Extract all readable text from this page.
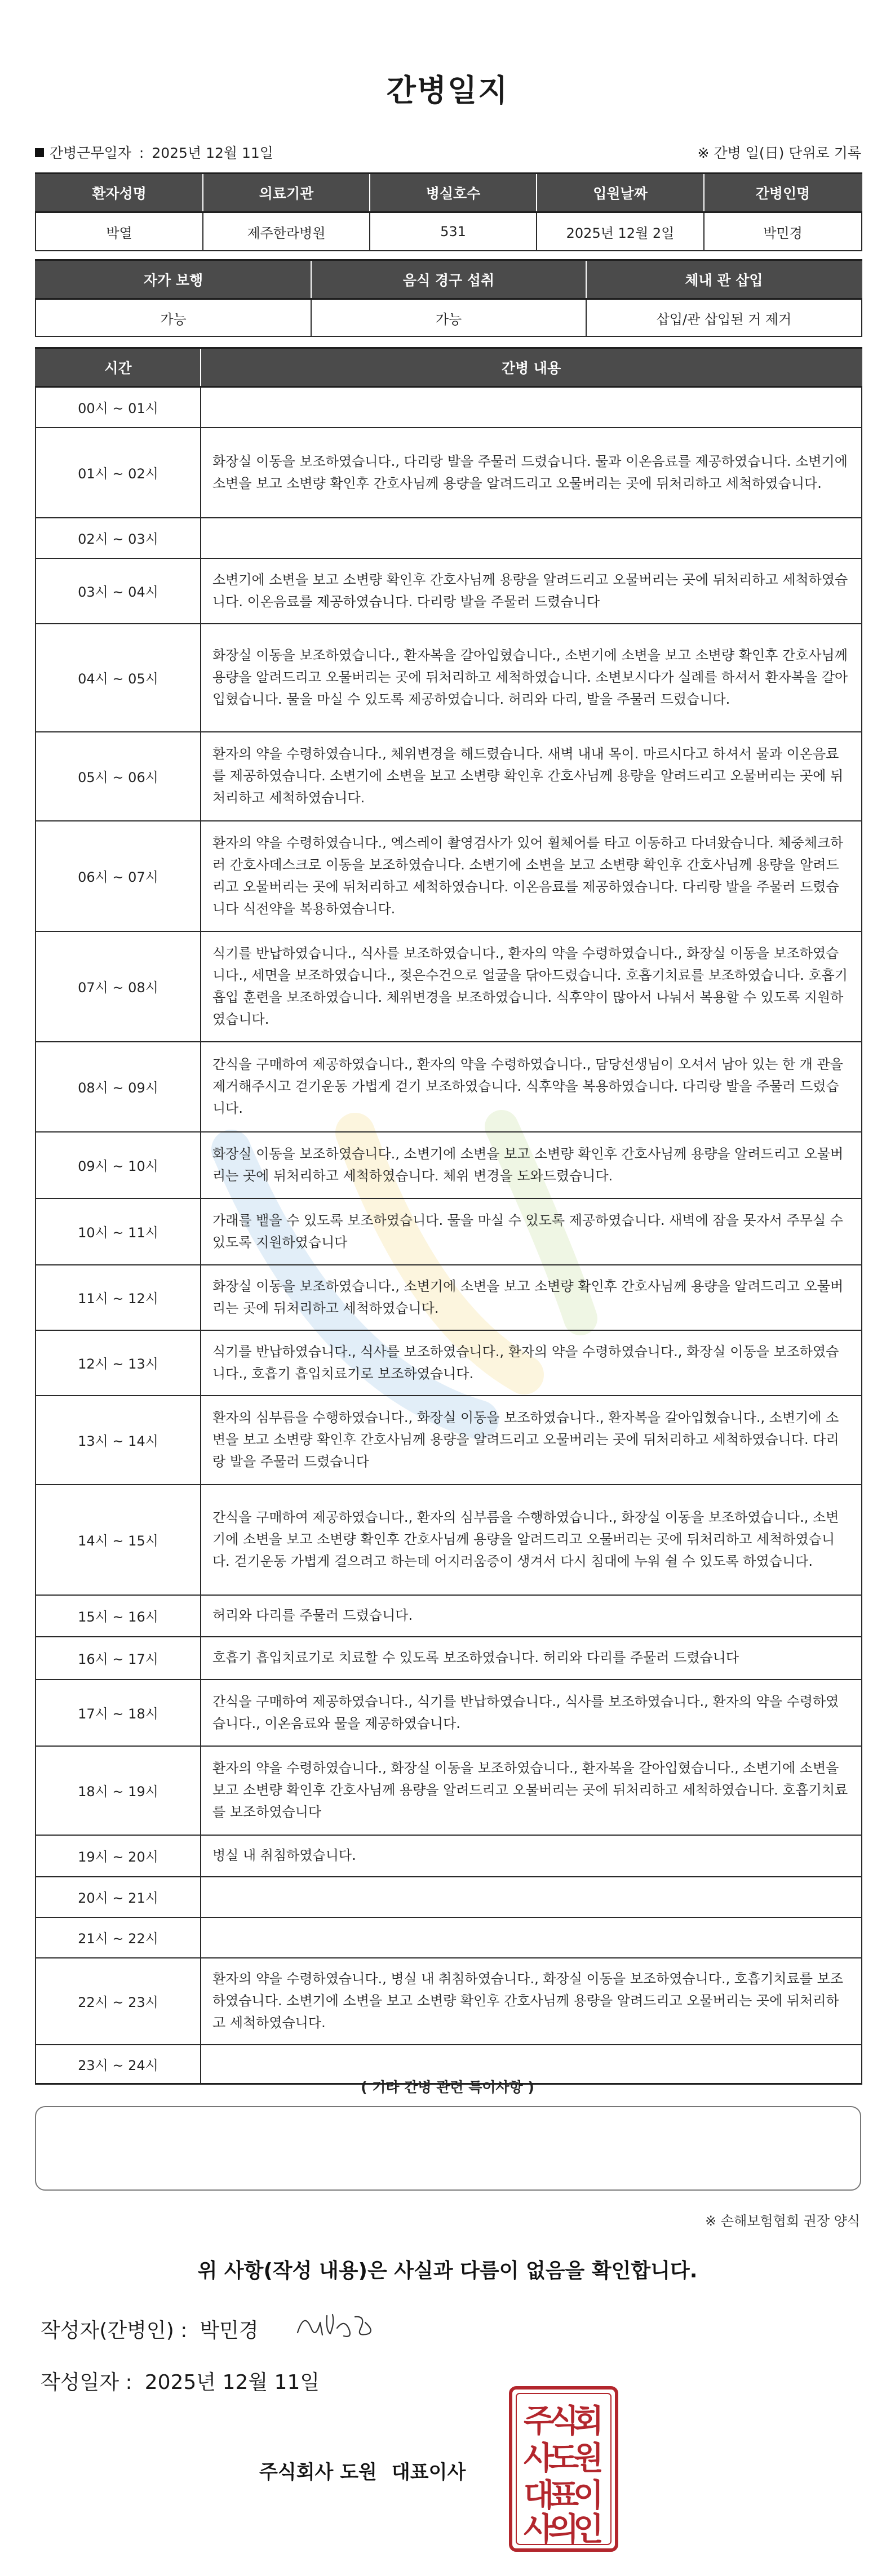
간병일지
간병근무일자 : 2025년 12월 11일	※ 간병 일(日) 단위로 기록
환자성명	의료기관	병실호수	입원날짜	간병인명
박열	제주한라병원	531	2025년 12월 2일	박민경
자가 보행	음식 경구 섭취	체내 관 삽입
가능	가능	삽입/관 삽입된 거 제거
시간	간병 내용
00시 ~ 01시	
01시 ~ 02시	화장실 이동을 보조하였습니다., 다리랑 발을 주물러 드렸습니다. 물과 이온음료를 제공하였습니다. 소변기에 소변을 보고 소변량 확인후 간호사님께 용량을 알려드리고 오물버리는 곳에 뒤처리하고 세척하였습니다.
02시 ~ 03시	
03시 ~ 04시	소변기에 소변을 보고 소변량 확인후 간호사님께 용량을 알려드리고 오물버리는 곳에 뒤처리하고 세척하였습니다. 이온음료를 제공하였습니다. 다리랑 발을 주물러 드렸습니다
04시 ~ 05시	화장실 이동을 보조하였습니다., 환자복을 갈아입혔습니다., 소변기에 소변을 보고 소변량 확인후 간호사님께 용량을 알려드리고 오물버리는 곳에 뒤처리하고 세척하였습니다. 소변보시다가 실례를 하셔서 환자복을 갈아입혔습니다. 물을 마실 수 있도록 제공하였습니다. 허리와 다리, 발을 주물러 드렸습니다.
05시 ~ 06시	환자의 약을 수령하였습니다., 체위변경을 해드렸습니다. 새벽 내내 목이. 마르시다고 하셔서 물과 이온음료를 제공하였습니다. 소변기에 소변을 보고 소변량 확인후 간호사님께 용량을 알려드리고 오물버리는 곳에 뒤처리하고 세척하였습니다.
06시 ~ 07시	환자의 약을 수령하였습니다., 엑스레이 촬영검사가 있어 휠체어를 타고 이동하고 다녀왔습니다. 체중체크하러 간호사데스크로 이동을 보조하였습니다. 소변기에 소변을 보고 소변량 확인후 간호사님께 용량을 알려드리고 오물버리는 곳에 뒤처리하고 세척하였습니다. 이온음료를 제공하였습니다. 다리랑 발을 주물러 드렸습니다 식전약을 복용하였습니다.
07시 ~ 08시	식기를 반납하였습니다., 식사를 보조하였습니다., 환자의 약을 수령하였습니다., 화장실 이동을 보조하였습니다., 세면을 보조하였습니다., 젖은수건으로 얼굴을 닦아드렸습니다. 호흡기치료를 보조하였습니다. 호흡기흡입 훈련을 보조하였습니다. 체위변경을 보조하였습니다. 식후약이 많아서 나눠서 복용할 수 있도록 지원하였습니다.
08시 ~ 09시	간식을 구매하여 제공하였습니다., 환자의 약을 수령하였습니다., 담당선생님이 오셔서 남아 있는 한 개 관을 제거해주시고 걷기운동 가볍게 걷기 보조하였습니다. 식후약을 복용하였습니다. 다리랑 발을 주물러 드렸습니다.
09시 ~ 10시	화장실 이동을 보조하였습니다., 소변기에 소변을 보고 소변량 확인후 간호사님께 용량을 알려드리고 오물버리는 곳에 뒤처리하고 세척하였습니다. 체위 변경을 도와드렸습니다.
10시 ~ 11시	가래를 뱉을 수 있도록 보조하였습니다. 물을 마실 수 있도록 제공하였습니다. 새벽에 잠을 못자서 주무실 수 있도록 지원하였습니다
11시 ~ 12시	화장실 이동을 보조하였습니다., 소변기에 소변을 보고 소변량 확인후 간호사님께 용량을 알려드리고 오물버리는 곳에 뒤처리하고 세척하였습니다.
12시 ~ 13시	식기를 반납하였습니다., 식사를 보조하였습니다., 환자의 약을 수령하였습니다., 화장실 이동을 보조하였습니다., 호흡기 흡입치료기로 보조하였습니다.
13시 ~ 14시	환자의 심부름을 수행하였습니다., 화장실 이동을 보조하였습니다., 환자복을 갈아입혔습니다., 소변기에 소변을 보고 소변량 확인후 간호사님께 용량을 알려드리고 오물버리는 곳에 뒤처리하고 세척하였습니다. 다리랑 발을 주물러 드렸습니다
14시 ~ 15시	간식을 구매하여 제공하였습니다., 환자의 심부름을 수행하였습니다., 화장실 이동을 보조하였습니다., 소변기에 소변을 보고 소변량 확인후 간호사님께 용량을 알려드리고 오물버리는 곳에 뒤처리하고 세척하였습니다. 걷기운동 가볍게 걸으려고 하는데 어지러움증이 생겨서 다시 침대에 누워 쉴 수 있도록 하였습니다.
15시 ~ 16시	허리와 다리를 주물러 드렸습니다.
16시 ~ 17시	호흡기 흡입치료기로 치료할 수 있도록 보조하였습니다. 허리와 다리를 주물러 드렸습니다
17시 ~ 18시	간식을 구매하여 제공하였습니다., 식기를 반납하였습니다., 식사를 보조하였습니다., 환자의 약을 수령하였습니다., 이온음료와 물을 제공하였습니다.
18시 ~ 19시	환자의 약을 수령하였습니다., 화장실 이동을 보조하였습니다., 환자복을 갈아입혔습니다., 소변기에 소변을 보고 소변량 확인후 간호사님께 용량을 알려드리고 오물버리는 곳에 뒤처리하고 세척하였습니다. 호흡기치료를 보조하였습니다
19시 ~ 20시	병실 내 취침하였습니다.
20시 ~ 21시	
21시 ~ 22시	
22시 ~ 23시	환자의 약을 수령하였습니다., 병실 내 취침하였습니다., 화장실 이동을 보조하였습니다., 호흡기치료를 보조하였습니다. 소변기에 소변을 보고 소변량 확인후 간호사님께 용량을 알려드리고 오물버리는 곳에 뒤처리하고 세척하였습니다.
23시 ~ 24시	
( 기타 간병 관련 특이사항 )
※ 손해보험협회 권장 양식
위 사항(작성 내용)은 사실과 다름이 없음을 확인합니다.
작성자(간병인) : 박민경
작성일자 : 2025년 12월 11일
주식회사 도원 대표이사
주
식
회
사
도
원
대
표
이
사
의
인
